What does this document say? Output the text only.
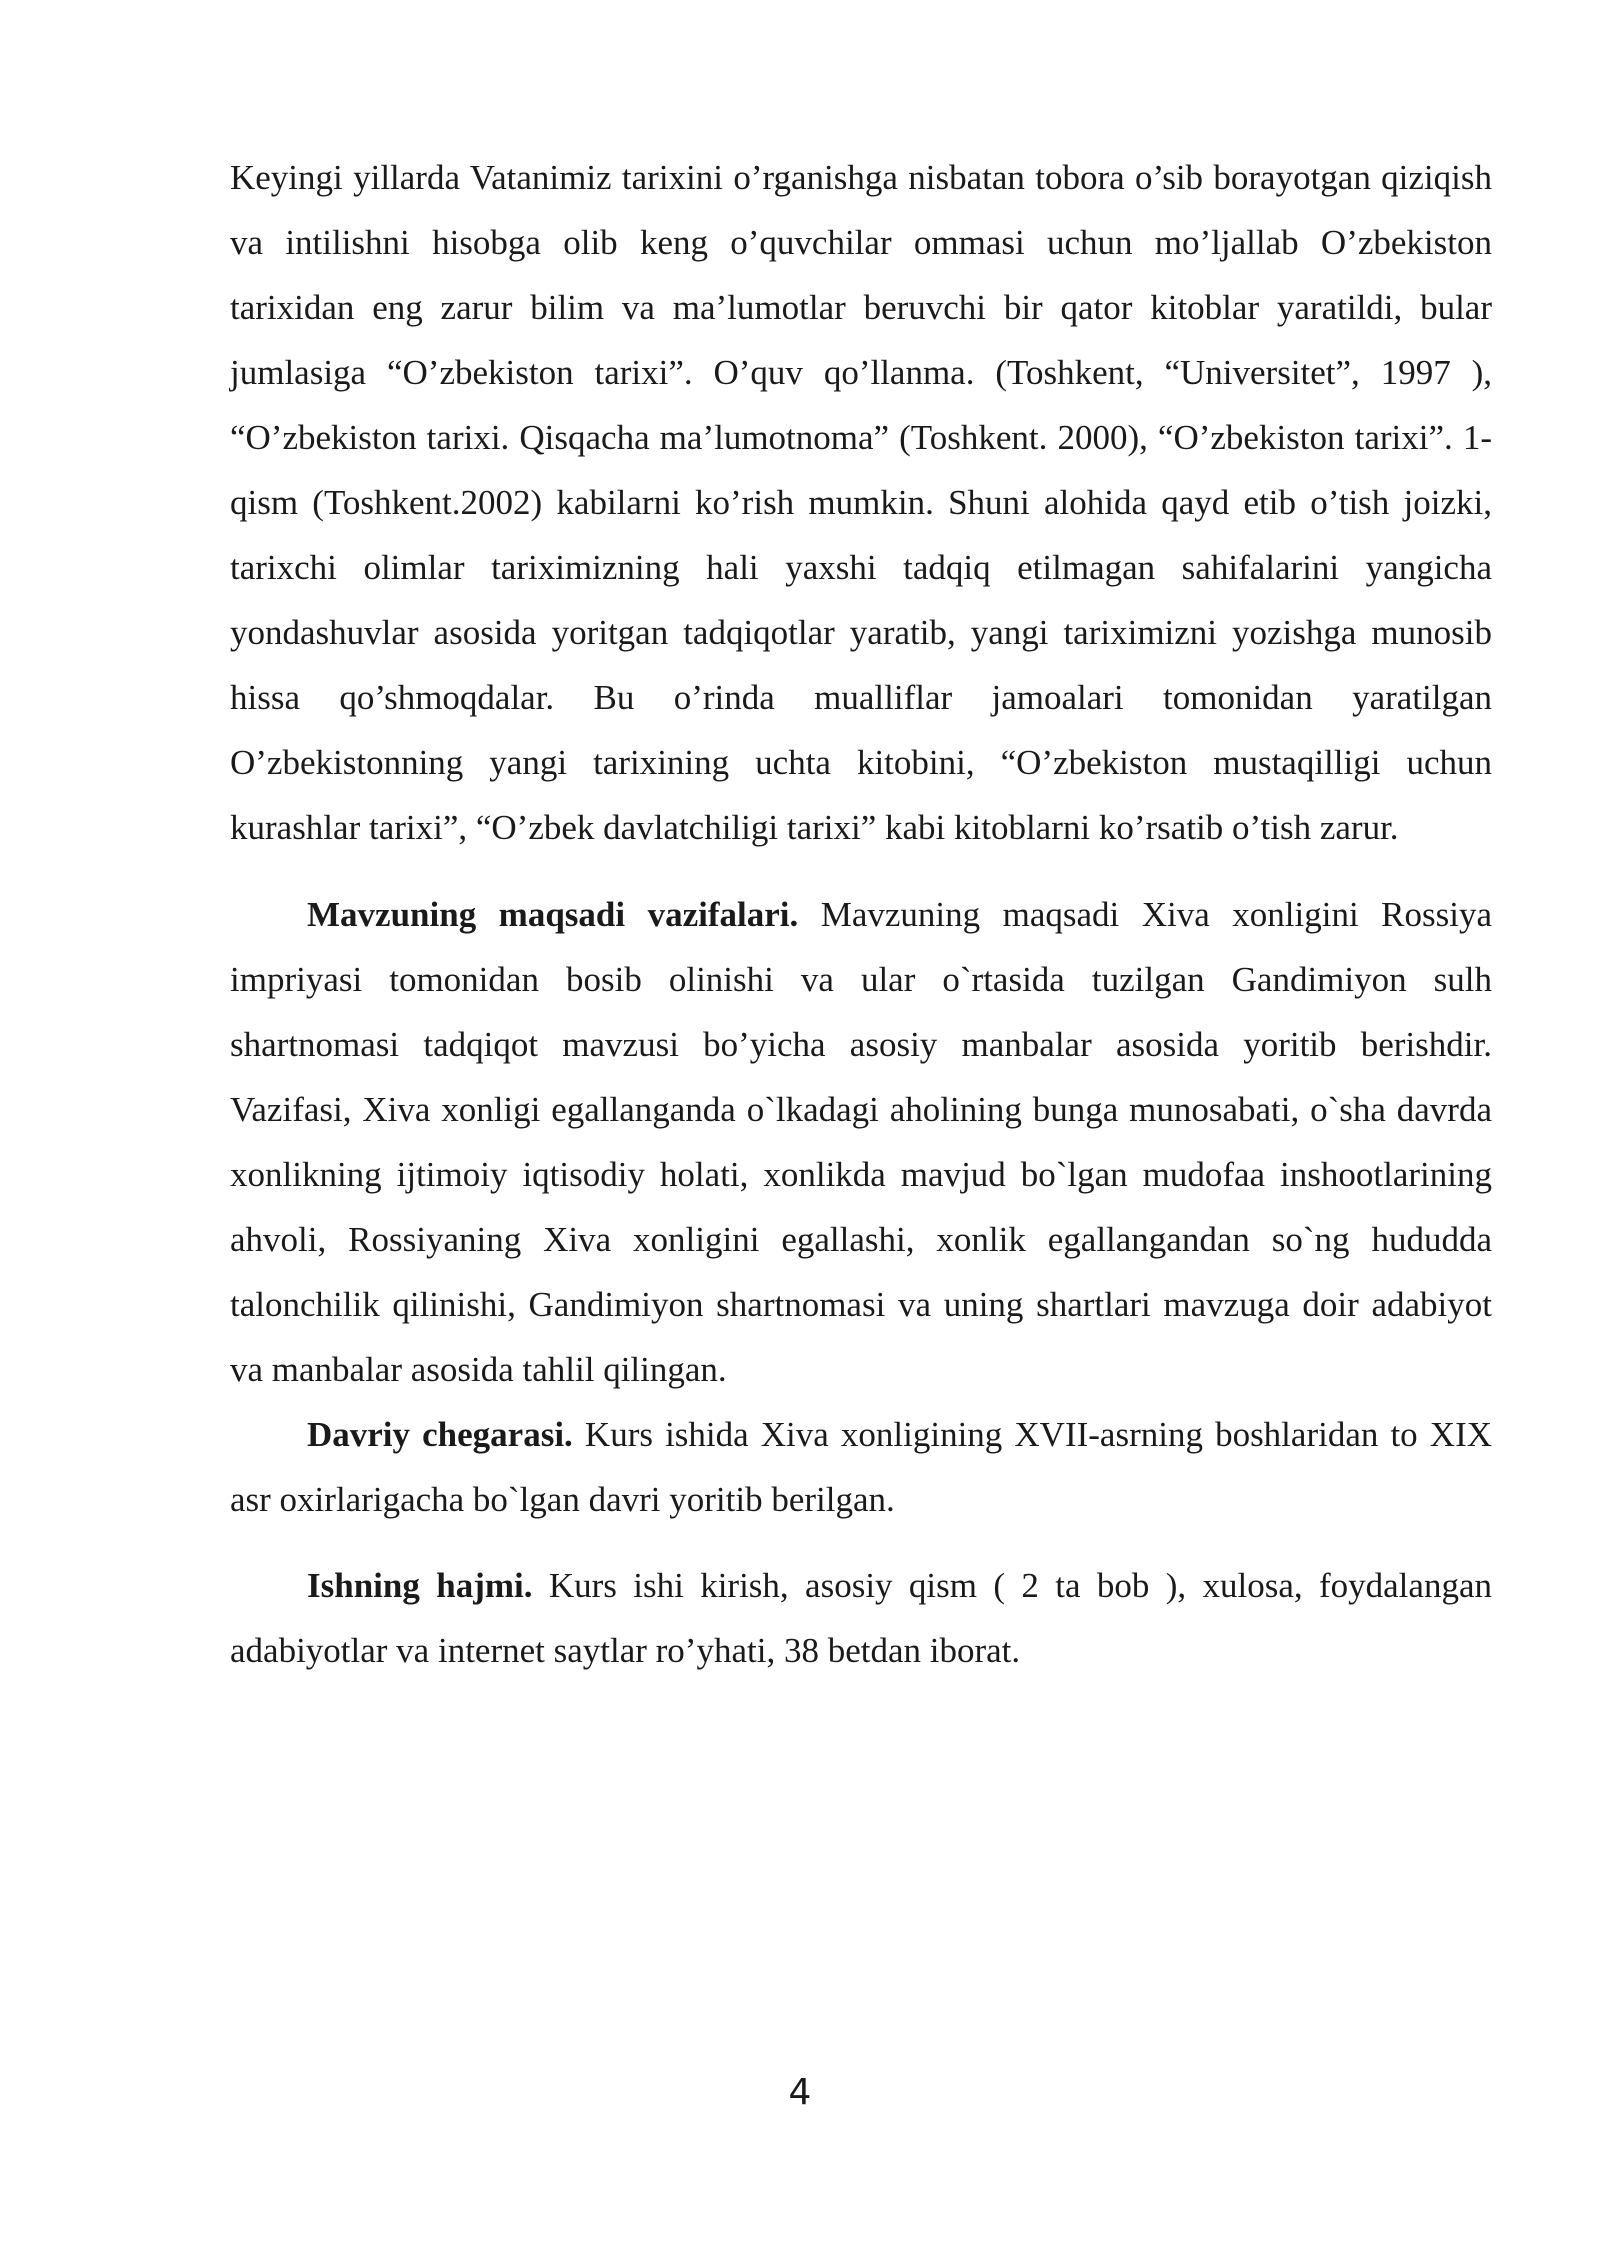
Keyingi yillarda Vatanimiz tarixini o’rganishga nisbatan tobora o’sib borayotgan qiziqish va intilishni hisobga olib keng o’quvchilar ommasi uchun mo’ljallab O’zbekiston tarixidan eng zarur bilim va ma’lumotlar beruvchi bir qator kitoblar yaratildi, bular jumlasiga “O’zbekiston tarixi”. O’quv qo’llanma. (Toshkent, “Universitet”, 1997 ), “O’zbekiston tarixi. Qisqacha ma’lumotnoma” (Toshkent. 2000), “O’zbekiston tarixi”. 1-qism (Toshkent.2002) kabilarni ko’rish mumkin. Shuni alohida qayd etib o’tish joizki, tarixchi olimlar tariximizning hali yaxshi tadqiq etilmagan sahifalarini yangicha yondashuvlar asosida yoritgan tadqiqotlar yaratib, yangi tariximizni yozishga munosib hissa qo’shmoqdalar. Bu o’rinda mualliflar jamoalari tomonidan yaratilgan O’zbekistonning yangi tarixining uchta kitobini, “O’zbekiston mustaqilligi uchun kurashlar tarixi”, “O’zbek davlatchiligi tarixi” kabi kitoblarni ko’rsatib o’tish zarur.

Mavzuning maqsadi vazifalari. Mavzuning maqsadi Xiva xonligini Rossiya impriyasi tomonidan bosib olinishi va ular o`rtasida tuzilgan Gandimiyon sulh shartnomasi tadqiqot mavzusi bo’yicha asosiy manbalar asosida yoritib berishdir. Vazifasi, Xiva xonligi egallanganda o`lkadagi aholining bunga munosabati, o`sha davrda xonlikning ijtimoiy iqtisodiy holati, xonlikda mavjud bo`lgan mudofaa inshootlarining ahvoli, Rossiyaning Xiva xonligini egallashi, xonlik egallangandan so`ng hududda talonchilik qilinishi, Gandimiyon shartnomasi va uning shartlari mavzuga doir adabiyot va manbalar asosida tahlil qilingan.

Davriy chegarasi. Kurs ishida Xiva xonligining XVII-asrning boshlaridan to XIX asr oxirlarigacha bo`lgan davri yoritib berilgan.

Ishning hajmi. Kurs ishi kirish, asosiy qism ( 2 ta bob ), xulosa, foydalangan adabiyotlar va internet saytlar ro’yhati, 38 betdan iborat.

4
